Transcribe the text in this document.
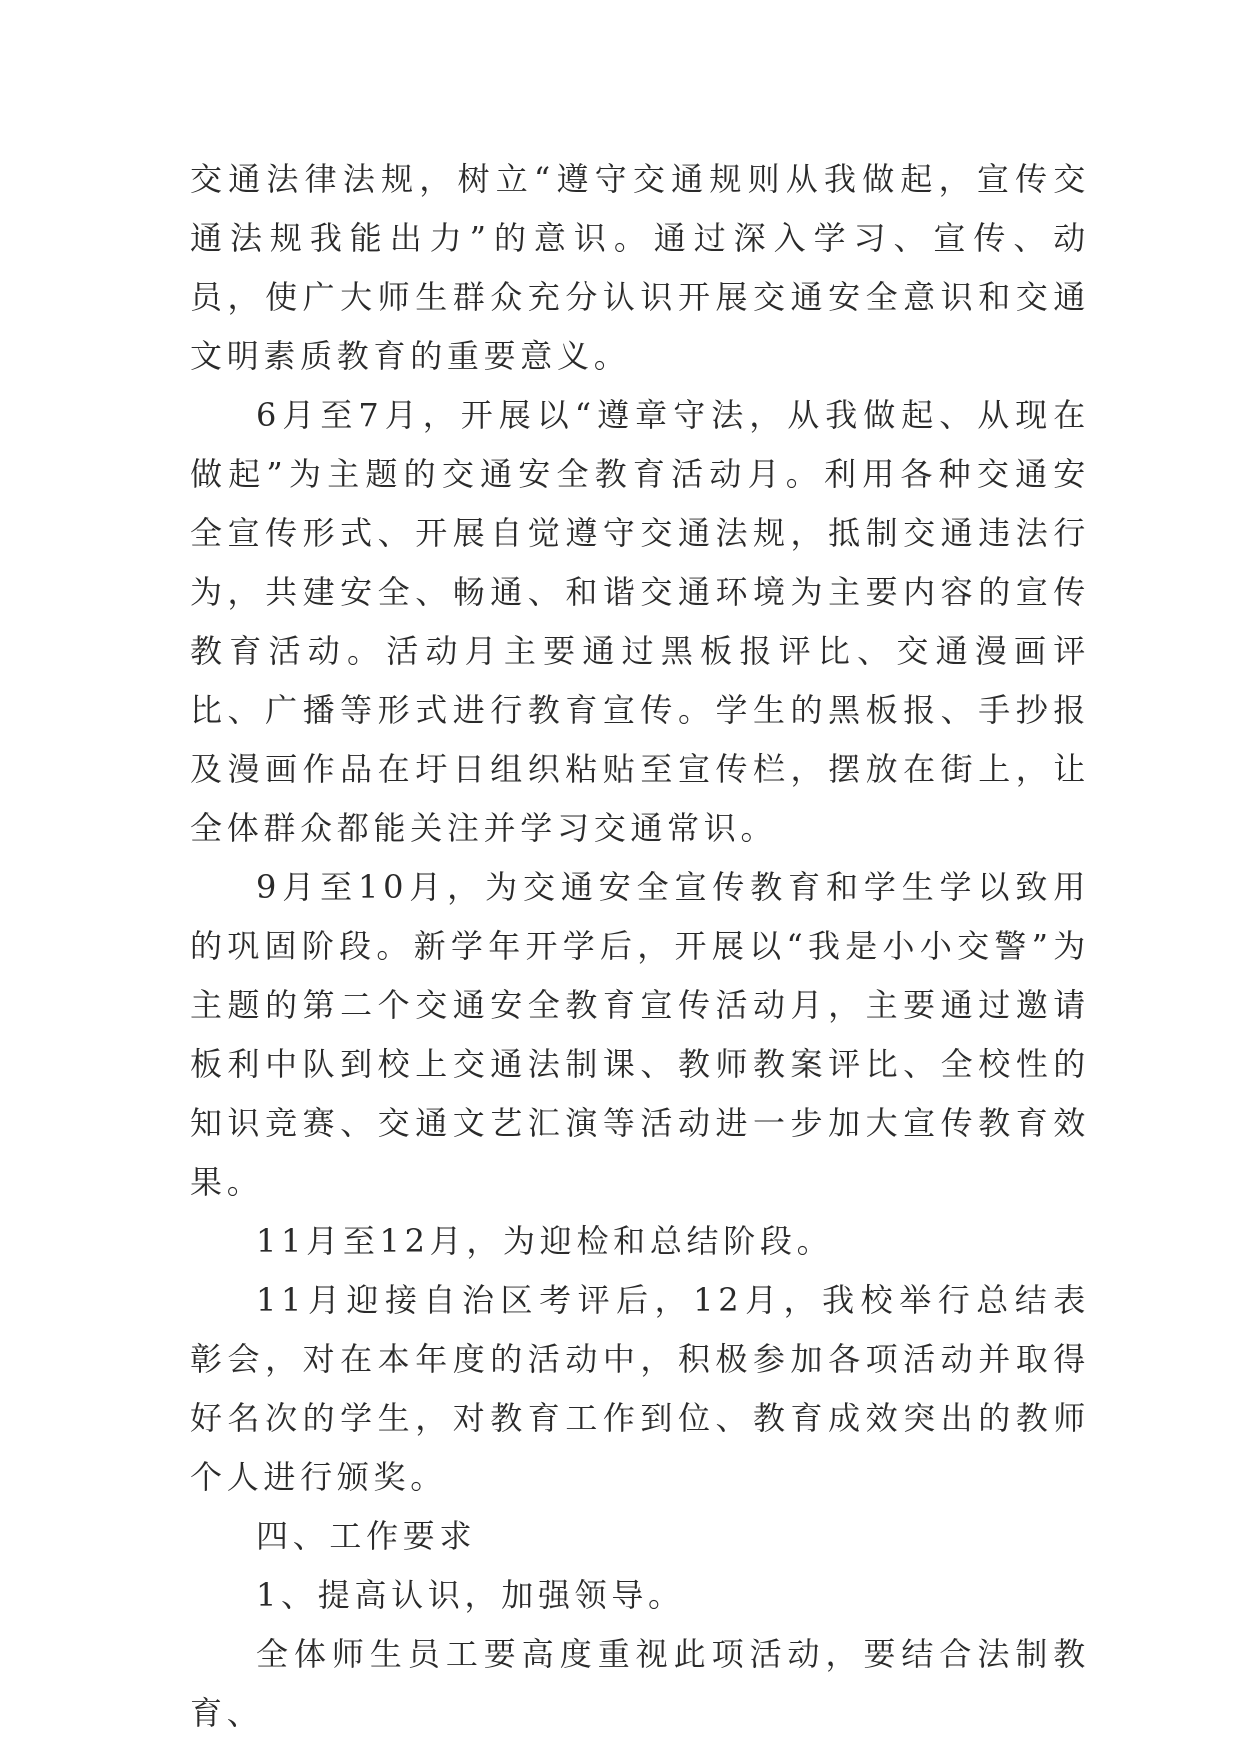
交通法律法规，树立“遵守交通规则从我做起，宣传交通法规我能出力”的意识。通过深入学习、宣传、动员，使广大师生群众充分认识开展交通安全意识和交通文明素质教育的重要意义。

6月至7月，开展以“遵章守法，从我做起、从现在做起”为主题的交通安全教育活动月。利用各种交通安全宣传形式、开展自觉遵守交通法规，抵制交通违法行为，共建安全、畅通、和谐交通环境为主要内容的宣传教育活动。活动月主要通过黑板报评比、交通漫画评比、广播等形式进行教育宣传。学生的黑板报、手抄报及漫画作品在圩日组织粘贴至宣传栏，摆放在街上，让全体群众都能关注并学习交通常识。

9月至10月，为交通安全宣传教育和学生学以致用的巩固阶段。新学年开学后，开展以“我是小小交警”为主题的第二个交通安全教育宣传活动月，主要通过邀请板利中队到校上交通法制课、教师教案评比、全校性的知识竞赛、交通文艺汇演等活动进一步加大宣传教育效果。

11月至12月，为迎检和总结阶段。

11月迎接自治区考评后，12月，我校举行总结表彰会，对在本年度的活动中，积极参加各项活动并取得好名次的学生，对教育工作到位、教育成效突出的教师个人进行颁奖。

四、工作要求

1、提高认识，加强领导。

全体师生员工要高度重视此项活动，要结合法制教育、
